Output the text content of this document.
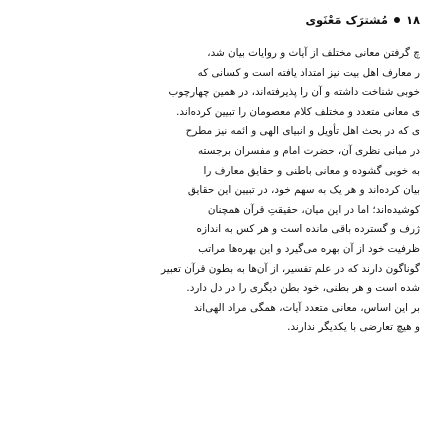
۱۸
مُشترَک مَعْنَوی
چ گرفتن معانی مختلف از آیات و روایات بیان شد،
ر معارف اهل بیت نیز امتداد یافته است و کسانی که
خوبی شناخت داشته و آن را پذیرفته‌اند، در همین چهارچوب
ی معانی متعدد و مختلف کلام معصومان را تبیین کرده‌اند.
ی که در بحث اهل تأویل و انبیای الهی و ائمه نیز مطرح
در مبانی نظری آن، حضرت امام و مفسران برجسته
به خوبی گشوده و معانی باطنی و حقایق معارف را
بیان کرده‌اند و هر یک به سهم خود، در تبیین این حقایق
کوشیده‌اند؛ اما در این میان، حقیقتِ قرآن همچنان
ژرف و گسترده باقی مانده است و هر کس به اندازه
ظرفیت خود از آن بهره می‌گیرد و این بهره‌ها مراتب
گوناگون دارند که در علم تفسیر، از آن‌ها به بطون قرآن تعبیر
شده است و هر بطنی، خود بطن دیگری را در دل دارد.
بر این اساس، معانی متعدد آیات، همگی مراد الهی‌اند
و هیچ تعارضی با یکدیگر ندارند.
